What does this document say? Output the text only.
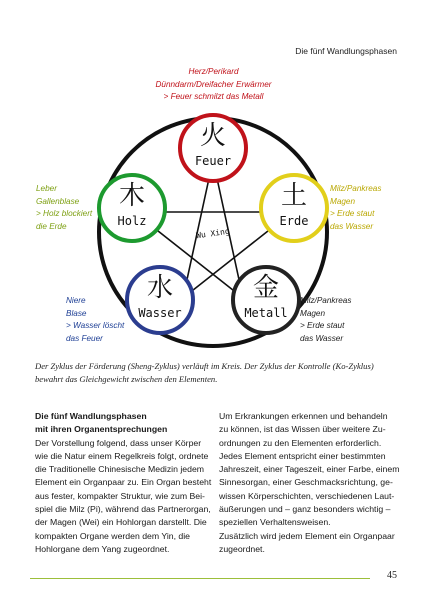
Die fünf Wandlungsphasen
火
Feuer
木
Holz
土
Erde
水
Wasser
金
Metall
Wu Xing
Herz/Perikard
Dünndarm/Dreifacher Erwärmer
> Feuer schmilzt das Metall
Leber
Gallenblase
> Holz blockiert
die Erde
Milz/Pankreas
Magen
> Erde staut
das Wasser
Niere
Blase
> Wasser löscht
das Feuer
Milz/Pankreas
Magen
> Erde staut
das Wasser
Der Zyklus der Förderung (Sheng-Zyklus) verläuft im Kreis. Der Zyklus der Kontrolle (Ko-Zyklus)
bewahrt das Gleichgewicht zwischen den Elementen.
Die fünf Wandlungsphasen
mit ihren Organentsprechungen
Der Vorstellung folgend, dass unser Körper
wie die Natur einem Regelkreis folgt, ordnete
die Traditionelle Chinesische Medizin jedem
Element ein Organpaar zu. Ein Organ besteht
aus fester, kompakter Struktur, wie zum Bei-
spiel die Milz (Pi), während das Partnerorgan,
der Magen (Wei) ein Hohlorgan darstellt. Die
kompakten Organe werden dem Yin, die
Hohlorgane dem Yang zugeordnet.
Um Erkrankungen erkennen und behandeln
zu können, ist das Wissen über weitere Zu-
ordnungen zu den Elementen erforderlich.
Jedes Element entspricht einer bestimmten
Jahreszeit, einer Tageszeit, einer Farbe, einem
Sinnesorgan, einer Geschmacksrichtung, ge-
wissen Körperschichten, verschiedenen Laut-
äußerungen und – ganz besonders wichtig –
speziellen Verhaltensweisen.
Zusätzlich wird jedem Element ein Organpaar
zugeordnet.
45
